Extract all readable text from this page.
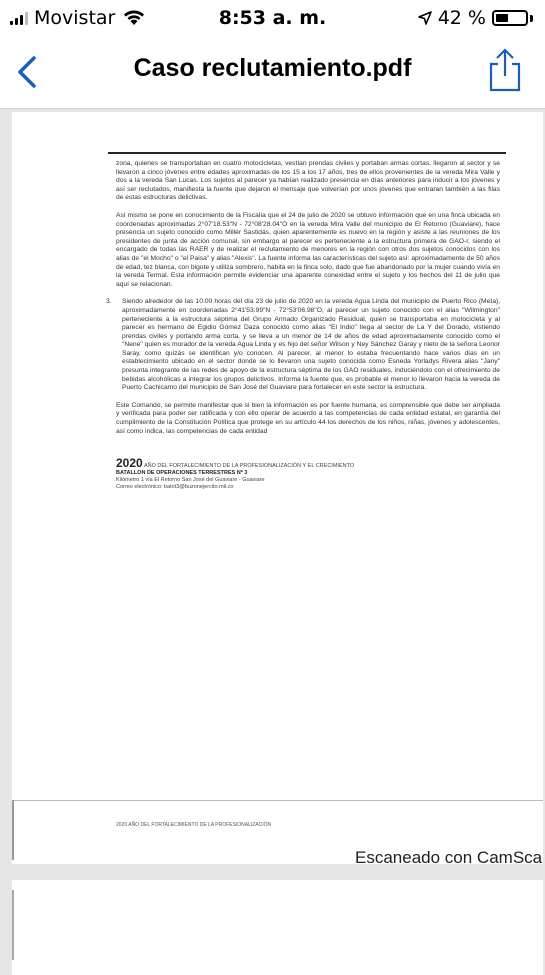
Movistar	8:53 a. m.	42 %
Caso reclutamiento.pdf

zona, quienes se transportaban en cuatro motocicletas, vestían prendas civiles y portaban armas cortas, llegaron al sector y se llevaron a cinco jóvenes entre edades aproximadas de los 15 a los 17 años, tres de ellos provenientes de la vereda Mira Valle y dos a la vereda San Lucas. Los sujetos al parecer ya habían realizado presencia en días anteriores para inducir a los jóvenes y así ser reclutados, manifiesta la fuente que dejaron el mensaje que volverían por unos jóvenes que entraran también a las filas de estas estructuras delictivas.

Así mismo se pone en conocimiento de la Fiscalía que el 24 de julio de 2020 se obtuvo información que en una finca ubicada en coordenadas aproximadas 2°07'18.53"N - 72°08'28.04"O en la vereda Mira Valle del municipio de El Retorno (Guaviare), hace presencia un sujeto conocido como Millér Sastidás, quien aparentemente es nuevo en la región y asiste a las reuniones de los presidentes de junta de acción comunal, sin embargo al parecer es perteneciente a la estructura primera de GAO-r, siendo el encargado de todas las RAER y de realizar el reclutamiento de menores en la región con otros dos sujetos conocidos con los alias de "el Mocho" o "el Paisa" y alias "Alexis". La fuente informa las características del sujeto así: aproximadamente de 50 años de edad, tez blanca, con bigote y utiliza sombrero, habita en la finca solo, dado que fue abandonado por la mujer cuando vivía en la vereda Termal. Esta información permite evidenciar una aparente conexidad entre el sujeto y los hechos del 11 de julio que aquí se relacionan.

3.	Siendo alrededor de las 10:00 horas del día 23 de julio de 2020 en la vereda Agua Linda del municipio de Puerto Rico (Meta), aproximadamente en coordenadas 2°41'53.99"N - 72°53'06.98"O, al parecer un sujeto conocido con el alias "Wilmington" perteneciente a la estructura séptima del Grupo Armado Organizado Residual, quien se transportaba en motocicleta y al parecer es hermano de Egidio Gómez Daza conocido como alias "El Indio" llega al sector de La Y del Dorado, vistiendo prendas civiles y portando arma corta, y se lleva a un menor de 14 de años de edad aproximadamente conocido como el "Nene" quien es morador de la vereda Agua Linda y es hijo del señor Wilson y Ney Sánchez Garay y nieto de la señora Leonor Saray, como quizás se identifican y/o conocen. Al parecer, al menor lo estaba frecuentando hace varios días en un establecimiento ubicado en el sector donde se lo llevaron una sujeto conocida como Esneda Yorladys Rivera alias "Jany" presunta integrante de las redes de apoyo de la estructura séptima de los GAO residuales, induciéndolo con el ofrecimiento de bebidas alcohólicas a integrar los grupos delictivos. Informa la fuente que, es probable el menor lo llevaron hacia la vereda de Puerto Cachicamo del municipio de San José del Guaviare para fortalecer en este sector la estructura.

Este Comando, se permite manifestar que si bien la información es por fuente humana, es comprensible que debe ser ampliada y verificada para poder ser ratificada y con ello operar de acuerdo a las competencias de cada entidad estatal, en garantía del cumplimiento de la Constitución Política que protege en su artículo 44 los derechos de los niños, niñas, jóvenes y adolescentes, así como indica, las competencias de cada entidad

2020 AÑO DEL FORTALECIMIENTO DE LA PROFESIONALIZACIÓN Y EL CRECIMIENTO
BATALLON DE OPERACIONES TERRESTRES Nº 3
Kilómetro 1 vía El Retorno San José del Guaviare - Guaviare
Correo electrónico: batot3@buzonejercito.mil.co
2020 AÑO DEL FORTALECIMIENTO DE LA PROFESIONALIZACIÓN
Escaneado con CamSca
